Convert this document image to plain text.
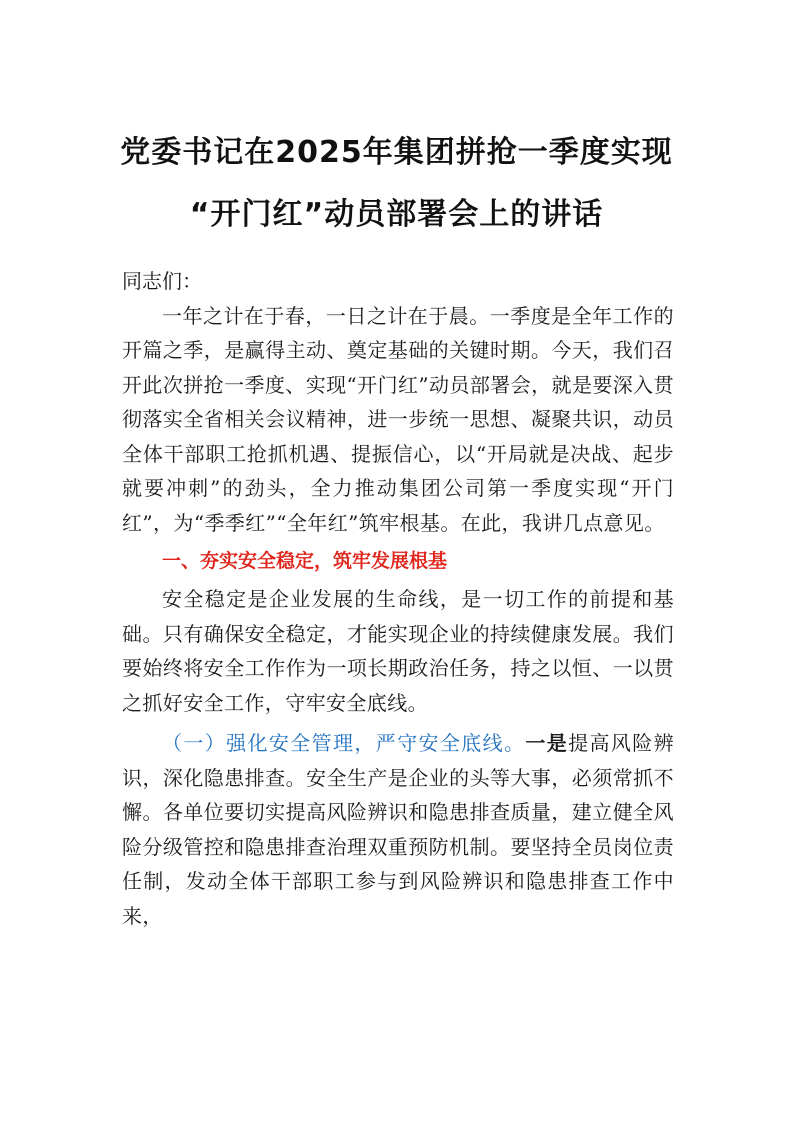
党委书记在2025年集团拼抢一季度实现
“开门红”动员部署会上的讲话

同志们：

一年之计在于春，一日之计在于晨。一季度是全年工作的开篇之季，是赢得主动、奠定基础的关键时期。今天，我们召开此次拼抢一季度、实现“开门红”动员部署会，就是要深入贯彻落实全省相关会议精神，进一步统一思想、凝聚共识，动员全体干部职工抢抓机遇、提振信心，以“开局就是决战、起步就要冲刺”的劲头，全力推动集团公司第一季度实现“开门红”，为“季季红”“全年红”筑牢根基。在此，我讲几点意见。

一、夯实安全稳定，筑牢发展根基

安全稳定是企业发展的生命线，是一切工作的前提和基础。只有确保安全稳定，才能实现企业的持续健康发展。我们要始终将安全工作作为一项长期政治任务，持之以恒、一以贯之抓好安全工作，守牢安全底线。

（一）强化安全管理，严守安全底线。一是提高风险辨识，深化隐患排查。安全生产是企业的头等大事，必须常抓不懈。各单位要切实提高风险辨识和隐患排查质量，建立健全风险分级管控和隐患排查治理双重预防机制。要坚持全员岗位责任制，发动全体干部职工参与到风险辨识和隐患排查工作中来，
